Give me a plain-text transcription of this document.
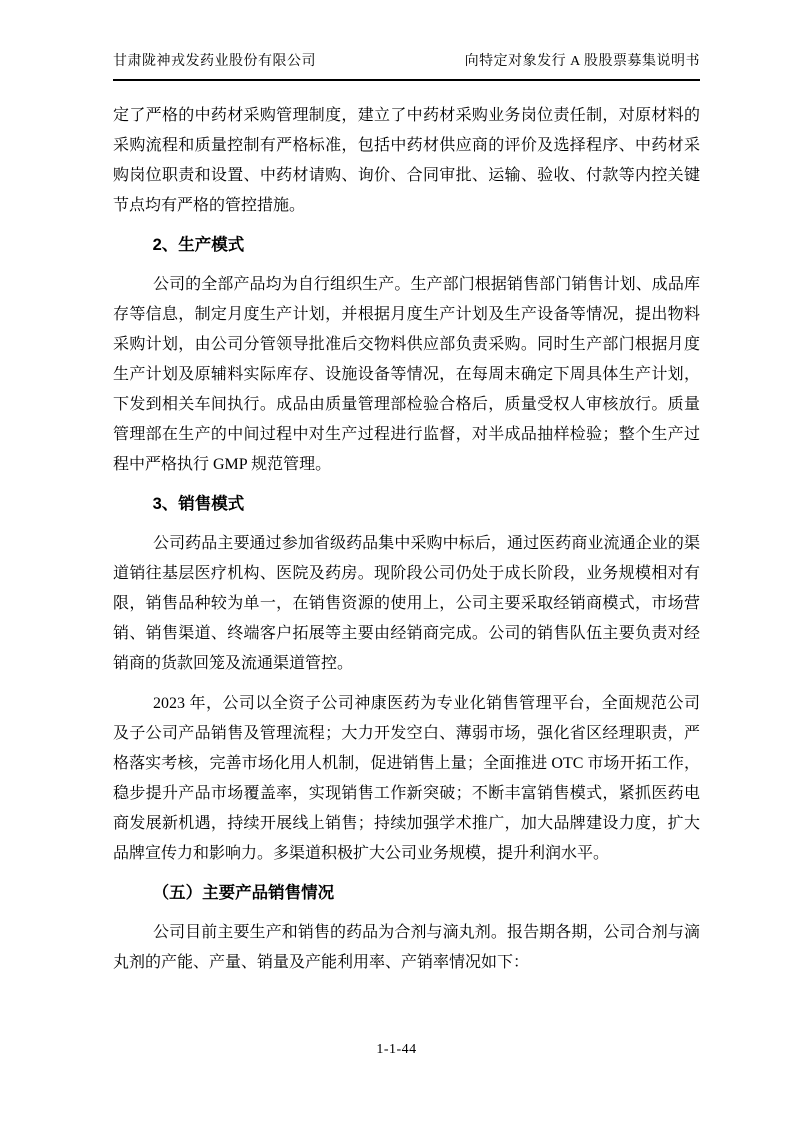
甘肃陇神戎发药业股份有限公司	向特定对象发行 A 股股票募集说明书

定了严格的中药材采购管理制度，建立了中药材采购业务岗位责任制，对原材料的采购流程和质量控制有严格标准，包括中药材供应商的评价及选择程序、中药材采购岗位职责和设置、中药材请购、询价、合同审批、运输、验收、付款等内控关键节点均有严格的管控措施。

2、生产模式

公司的全部产品均为自行组织生产。生产部门根据销售部门销售计划、成品库存等信息，制定月度生产计划，并根据月度生产计划及生产设备等情况，提出物料采购计划，由公司分管领导批准后交物料供应部负责采购。同时生产部门根据月度生产计划及原辅料实际库存、设施设备等情况，在每周末确定下周具体生产计划，下发到相关车间执行。成品由质量管理部检验合格后，质量受权人审核放行。质量管理部在生产的中间过程中对生产过程进行监督，对半成品抽样检验；整个生产过程中严格执行 GMP 规范管理。

3、销售模式

公司药品主要通过参加省级药品集中采购中标后，通过医药商业流通企业的渠道销往基层医疗机构、医院及药房。现阶段公司仍处于成长阶段，业务规模相对有限，销售品种较为单一，在销售资源的使用上，公司主要采取经销商模式，市场营销、销售渠道、终端客户拓展等主要由经销商完成。公司的销售队伍主要负责对经销商的货款回笼及流通渠道管控。

2023 年，公司以全资子公司神康医药为专业化销售管理平台，全面规范公司及子公司产品销售及管理流程；大力开发空白、薄弱市场，强化省区经理职责，严格落实考核，完善市场化用人机制，促进销售上量；全面推进 OTC 市场开拓工作，稳步提升产品市场覆盖率，实现销售工作新突破；不断丰富销售模式，紧抓医药电商发展新机遇，持续开展线上销售；持续加强学术推广，加大品牌建设力度，扩大品牌宣传力和影响力。多渠道积极扩大公司业务规模，提升利润水平。

（五）主要产品销售情况

公司目前主要生产和销售的药品为合剂与滴丸剂。报告期各期，公司合剂与滴丸剂的产能、产量、销量及产能利用率、产销率情况如下：

1-1-44
